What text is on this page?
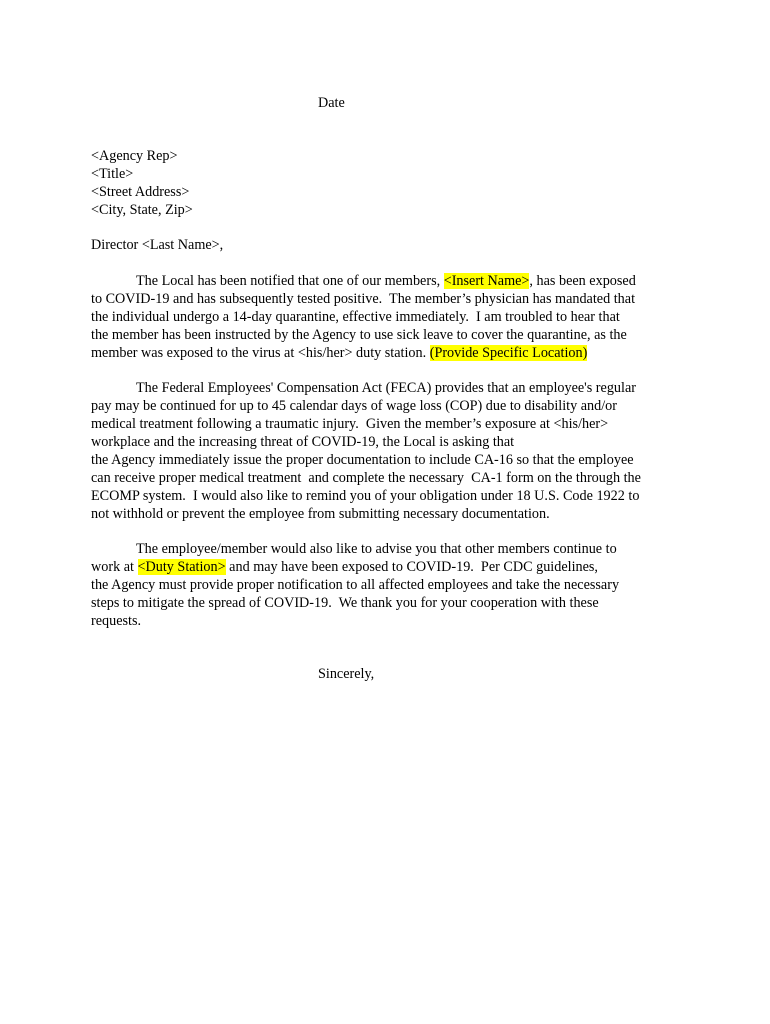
Date
<Agency Rep>
<Title>
<Street Address>
<City, State, Zip>
Director <Last Name>,
The Local has been notified that one of our members, <Insert Name>, has been exposed
to COVID-19 and has subsequently tested positive.  The member’s physician has mandated that
the individual undergo a 14-day quarantine, effective immediately.  I am troubled to hear that
the member has been instructed by the Agency to use sick leave to cover the quarantine, as the
member was exposed to the virus at <his/her> duty station. (Provide Specific Location)
The Federal Employees' Compensation Act (FECA) provides that an employee's regular
pay may be continued for up to 45 calendar days of wage loss (COP) due to disability and/or
medical treatment following a traumatic injury.  Given the member’s exposure at <his/her>
workplace and the increasing threat of COVID-19, the Local is asking that
the Agency immediately issue the proper documentation to include CA-16 so that the employee
can receive proper medical treatment  and complete the necessary  CA-1 form on the through the
ECOMP system.  I would also like to remind you of your obligation under 18 U.S. Code 1922 to
not withhold or prevent the employee from submitting necessary documentation.
The employee/member would also like to advise you that other members continue to
work at <Duty Station> and may have been exposed to COVID-19.  Per CDC guidelines,
the Agency must provide proper notification to all affected employees and take the necessary
steps to mitigate the spread of COVID-19.  We thank you for your cooperation with these
requests.
Sincerely,
